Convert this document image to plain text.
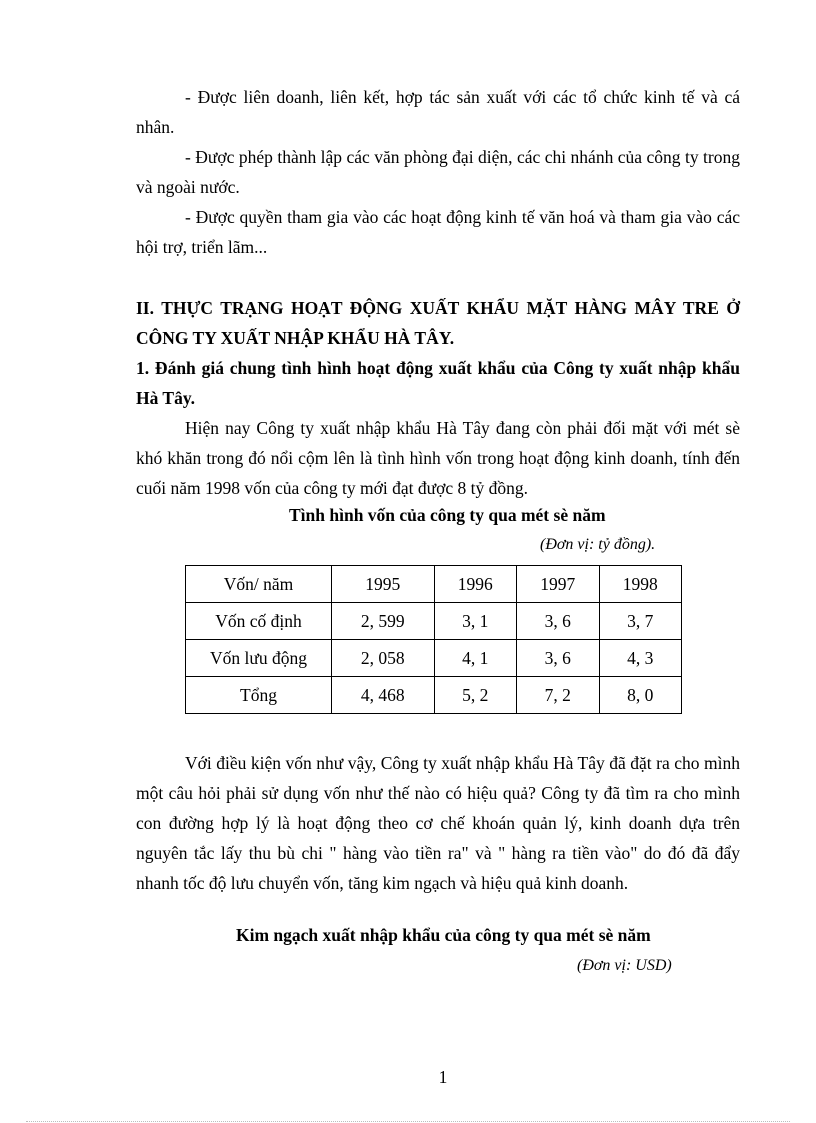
- Được liên doanh, liên kết, hợp tác sản xuất với các tổ chức kinh tế và cá nhân.

- Được phép thành lập các văn phòng đại diện, các chi nhánh của công ty trong và ngoài nước.

- Được quyền tham gia vào các hoạt động kinh tế văn hoá và tham gia vào các hội trợ, triển lãm...

II. THỰC TRẠNG HOẠT ĐỘNG XUẤT KHẨU MẶT HÀNG MÂY TRE Ở CÔNG TY XUẤT NHẬP KHẨU HÀ TÂY.

1. Đánh giá chung tình hình hoạt động xuất khẩu của Công ty xuất nhập khẩu Hà Tây.

Hiện nay Công ty xuất nhập khẩu Hà Tây đang còn phải đối mặt với mét sè khó khăn trong đó nổi cộm lên là tình hình vốn trong hoạt động kinh doanh, tính đến cuối năm 1998 vốn của công ty mới đạt được 8 tỷ đồng.

Tình hình vốn của công ty qua mét sè năm

(Đơn vị: tỷ đồng).

Vốn/ năm	1995	1996	1997	1998
Vốn cố định	2, 599	3, 1	3, 6	3, 7
Vốn lưu động	2, 058	4, 1	3, 6	4, 3
Tổng	4, 468	5, 2	7, 2	8, 0

Với điều kiện vốn như vậy, Công ty xuất nhập khẩu Hà Tây đã đặt ra cho mình một câu hỏi phải sử dụng vốn như thế nào có hiệu quả? Công ty đã tìm ra cho mình con đường hợp lý là hoạt động theo cơ chế khoán quản lý, kinh doanh dựa trên nguyên tắc lấy thu bù chi " hàng vào tiền ra" và " hàng ra tiền vào" do đó đã đẩy nhanh tốc độ lưu chuyển vốn, tăng kim ngạch và hiệu quả kinh doanh.

Kim ngạch xuất nhập khẩu của công ty qua mét sè năm

(Đơn vị: USD)

1
